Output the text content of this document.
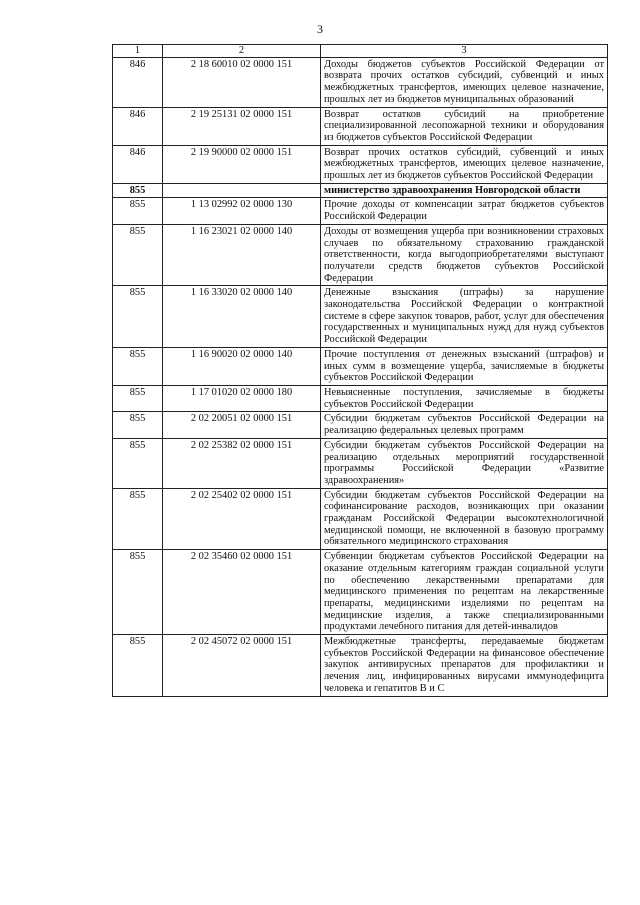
3
1	2	3
846	2 18 60010 02 0000 151	Доходы бюджетов субъектов Российской Федерации от возврата прочих остатков субсидий, субвенций и иных межбюджетных трансфертов, имеющих целевое назначение, прошлых лет из бюджетов муниципальных образований
846	2 19 25131 02 0000 151	Возврат остатков субсидий на приобретение специализированной лесопожарной техники и оборудования из бюджетов субъектов Российской Федерации
846	2 19 90000 02 0000 151	Возврат прочих остатков субсидий, субвенций и иных межбюджетных трансфертов, имеющих целевое назначение, прошлых лет из бюджетов субъектов Российской Федерации
855		министерство здравоохранения Новгородской области
855	1 13 02992 02 0000 130	Прочие доходы от компенсации затрат бюджетов субъектов Российской Федерации
855	1 16 23021 02 0000 140	Доходы от возмещения ущерба при возникновении страховых случаев по обязательному страхованию гражданской ответственности, когда выгодоприобретателями выступают получатели средств бюджетов субъектов Российской Федерации
855	1 16 33020 02 0000 140	Денежные взыскания (штрафы) за нарушение законодательства Российской Федерации о контрактной системе в сфере закупок товаров, работ, услуг для обеспечения государственных и муниципальных нужд для нужд субъектов Российской Федерации
855	1 16 90020 02 0000 140	Прочие поступления от денежных взысканий (штрафов) и иных сумм в возмещение ущерба, зачисляемые в бюджеты субъектов Российской Федерации
855	1 17 01020 02 0000 180	Невыясненные поступления, зачисляемые в бюджеты субъектов Российской Федерации
855	2 02 20051 02 0000 151	Субсидии бюджетам субъектов Российской Федерации на реализацию федеральных целевых программ
855	2 02 25382 02 0000 151	Субсидии бюджетам субъектов Российской Федерации на реализацию отдельных мероприятий государственной программы Российской Федерации «Развитие здравоохранения»
855	2 02 25402 02 0000 151	Субсидии бюджетам субъектов Российской Федерации на софинансирование расходов, возникающих при оказании гражданам Российской Федерации высокотехнологичной медицинской помощи, не включенной в базовую программу обязательного медицинского страхования
855	2 02 35460 02 0000 151	Субвенции бюджетам субъектов Российской Федерации на оказание отдельным категориям граждан социальной услуги по обеспечению лекарственными препаратами для медицинского применения по рецептам на лекарственные препараты, медицинскими изделиями по рецептам на медицинские изделия, а также специализированными продуктами лечебного питания для детей-инвалидов
855	2 02 45072 02 0000 151	Межбюджетные трансферты, передаваемые бюджетам субъектов Российской Федерации на финансовое обеспечение закупок антивирусных препаратов для профилактики и лечения лиц, инфицированных вирусами иммунодефицита человека и гепатитов В и С
